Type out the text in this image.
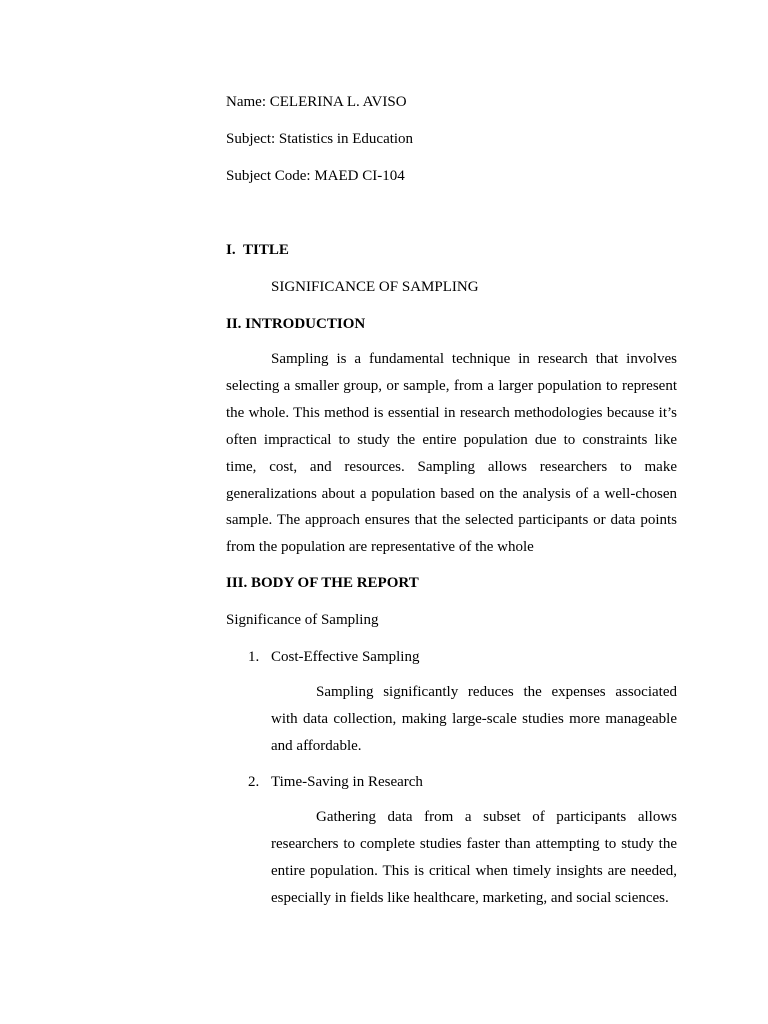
Name: CELERINA L. AVISO
Subject: Statistics in Education
Subject Code: MAED CI-104
I. TITLE
SIGNIFICANCE OF SAMPLING
II. INTRODUCTION

Sampling is a fundamental technique in research that involves selecting a smaller group, or sample, from a larger population to represent the whole. This method is essential in research methodologies because it’s often impractical to study the entire population due to constraints like time, cost, and resources. Sampling allows researchers to make generalizations about a population based on the analysis of a well-chosen sample. The approach ensures that the selected participants or data points from the population are representative of the whole

III. BODY OF THE REPORT
Significance of Sampling
1. Cost-Effective Sampling

Sampling significantly reduces the expenses associated with data collection, making large-scale studies more manageable and affordable.

2. Time-Saving in Research

Gathering data from a subset of participants allows researchers to complete studies faster than attempting to study the entire population. This is critical when timely insights are needed, especially in fields like healthcare, marketing, and social sciences.
